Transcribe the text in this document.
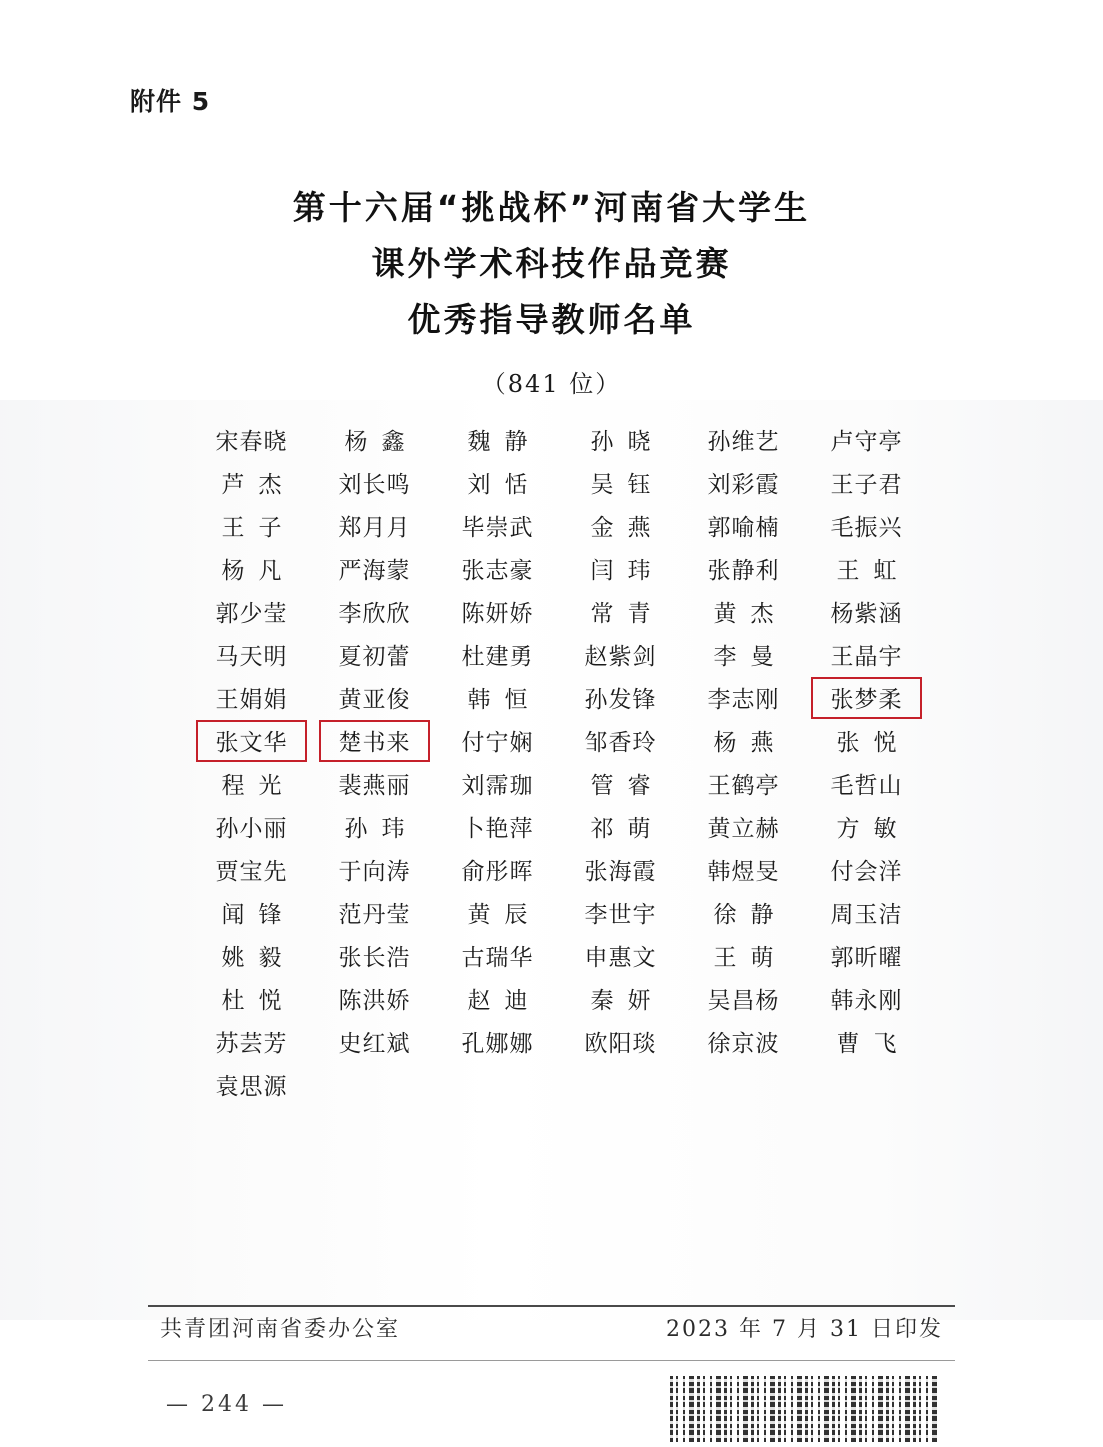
附件 5
第十六届“挑战杯”河南省大学生
课外学术科技作品竞赛
优秀指导教师名单
（841 位）
宋春晓	杨鑫	魏静	孙晓	孙维艺	卢守亭
芦杰	刘长鸣	刘恬	吴钰	刘彩霞	王子君
王子	郑月月	毕崇武	金燕	郭喻楠	毛振兴
杨凡	严海蒙	张志豪	闫玮	张静利	王虹
郭少莹	李欣欣	陈妍娇	常青	黄杰	杨紫涵
马天明	夏初蕾	杜建勇	赵紫剑	李曼	王晶宇
王娟娟	黄亚俊	韩恒	孙发锋	李志刚	张梦柔
张文华	楚书来	付宁娴	邹香玲	杨燕	张悦
程光	裴燕丽	刘霈珈	管睿	王鹤亭	毛哲山
孙小丽	孙玮	卜艳萍	祁萌	黄立赫	方敏
贾宝先	于向涛	俞彤晖	张海霞	韩煜旻	付会洋
闻锋	范丹莹	黄辰	李世宇	徐静	周玉洁
姚毅	张长浩	古瑞华	申惠文	王萌	郭昕曜
杜悦	陈洪娇	赵迪	秦妍	吴昌杨	韩永刚
苏芸芳	史红斌	孔娜娜	欧阳琰	徐京波	曹飞
袁思源
共青团河南省委办公室	2023 年 7 月 31 日印发
— 244 —
